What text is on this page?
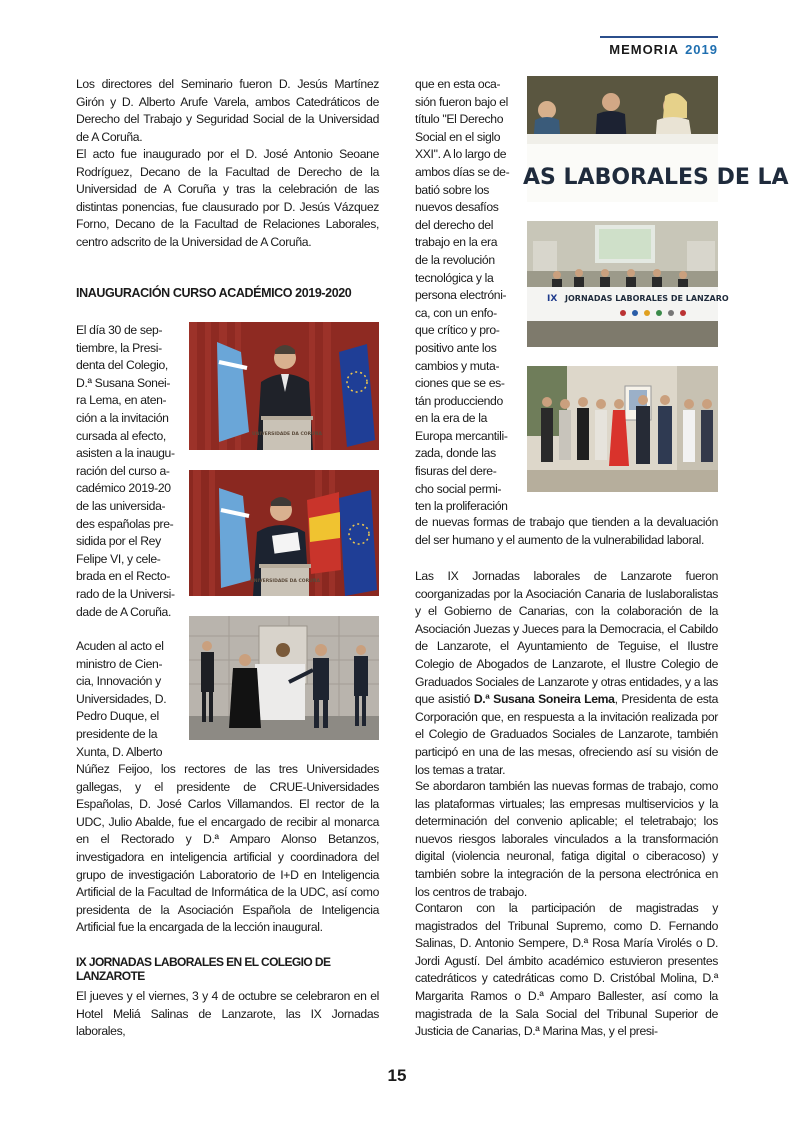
MEMORIA 2019
Los directores del Seminario fueron D. Jesús Martínez Girón y D. Alberto Arufe Varela, ambos Catedráticos de Derecho del Trabajo y Seguridad Social de la Universidad de A Coruña.
El acto fue inaugurado por el D. José Antonio Seoane Rodríguez, Decano de la Facultad de Derecho de la Universidad de A Coruña y tras la celebración de las distintas ponencias, fue clausurado por D. Jesús Vázquez Forno, Decano de la Facultad de Relaciones Laborales, centro adscrito de la Universidad de A Coruña.
INAUGURACIÓN CURSO ACADÉMICO 2019-2020
El día 30 de sep-
tiembre, la Presi-
denta del Colegio,
D.ª Susana Sonei-
ra Lema, en aten-
ción a la invitación
cursada al efecto,
asisten a la inaugu-
ración del curso a-
cadémico 2019-20
de las universida-
des españolas pre-
sidida por el Rey
Felipe VI, y cele-
brada en el Recto-
rado de la Universi-
dade de A Coruña.
Acuden al acto el
ministro de Cien-
cia, Innovación y
Universidades, D.
Pedro Duque, el
presidente de la
Xunta, D. Alberto
Núñez Feijoo, los rectores de las tres Universidades gallegas, y el presidente de CRUE-Universidades Españolas, D. José Carlos Villamandos. El rector de la UDC, Julio Abalde, fue el encargado de recibir al monarca en el Rectorado y D.ª Amparo Alonso Betanzos, investigadora en inteligencia artificial y coordinadora del grupo de investigación Laboratorio de I+D en Inteligencia Artificial de la Facultad de Informática de la UDC, así como presidenta de la Asociación Española de Inteligencia Artificial fue la encargada de la lección inaugural.
UNIVERSIDADE DA CORUÑA
UNIVERSIDADE DA CORUÑA
IX JORNADAS LABORALES EN EL COLEGIO DE LANZAROTE
El jueves y el viernes, 3 y 4 de octubre se celebraron en el Hotel Meliá Salinas de Lanzarote, las IX Jornadas laborales,
que en esta oca-
sión fueron bajo el
título "El Derecho
Social en el siglo
XXI". A lo largo de
ambos días se de-
batió sobre los
nuevos desafíos
del derecho del
trabajo en la era
de la revolución
tecnológica y la
persona electróni-
ca, con un enfo-
que crítico y pro-
positivo ante los
cambios y muta-
ciones que se es-
tán producciendo
en la era de la
Europa mercantili-
zada, donde las
fisuras del dere-
cho social permi-
ten la proliferación
AS LABORALES DE LA
IX JORNADAS LABORALES DE LANZARO
de nuevas formas de trabajo que tienden a la devaluación del ser humano y el aumento de la vulnerabilidad laboral.
Las IX Jornadas laborales de Lanzarote fueron coorganizadas por la Asociación Canaria de Iuslaboralistas y el Gobierno de Canarias, con la colaboración de la Asociación Juezas y Jueces para la Democracia, el Cabildo de Lanzarote, el Ayuntamiento de Teguise, el Ilustre Colegio de Abogados de Lanzarote, el Ilustre Colegio de Graduados Sociales de Lanzarote y otras entidades, y a las que asistió D.ª Susana Soneira Lema, Presidenta de esta Corporación que, en respuesta a la invitación realizada por el Colegio de Graduados Sociales de Lanzarote, también participó en una de las mesas, ofreciendo así su visión de los temas a tratar.
Se abordaron también las nuevas formas de trabajo, como las plataformas virtuales; las empresas multiservicios y la determinación del convenio aplicable; el teletrabajo; los nuevos riesgos laborales vinculados a la transformación digital (violencia neuronal, fatiga digital o ciberacoso) y también sobre la integración de la persona electrónica en los centros de trabajo.
Contaron con la participación de magistradas y magistrados del Tribunal Supremo, como D. Fernando Salinas, D. Antonio Sempere, D.ª Rosa María Virolés o D. Jordi Agustí. Del ámbito académico estuvieron presentes catedráticos y catedráticas como D. Cristóbal Molina, D.ª Margarita Ramos o D.ª Amparo Ballester, así como la magistrada de la Sala Social del Tribunal Superior de Justicia de Canarias, D.ª Marina Mas, y el presi-
15
